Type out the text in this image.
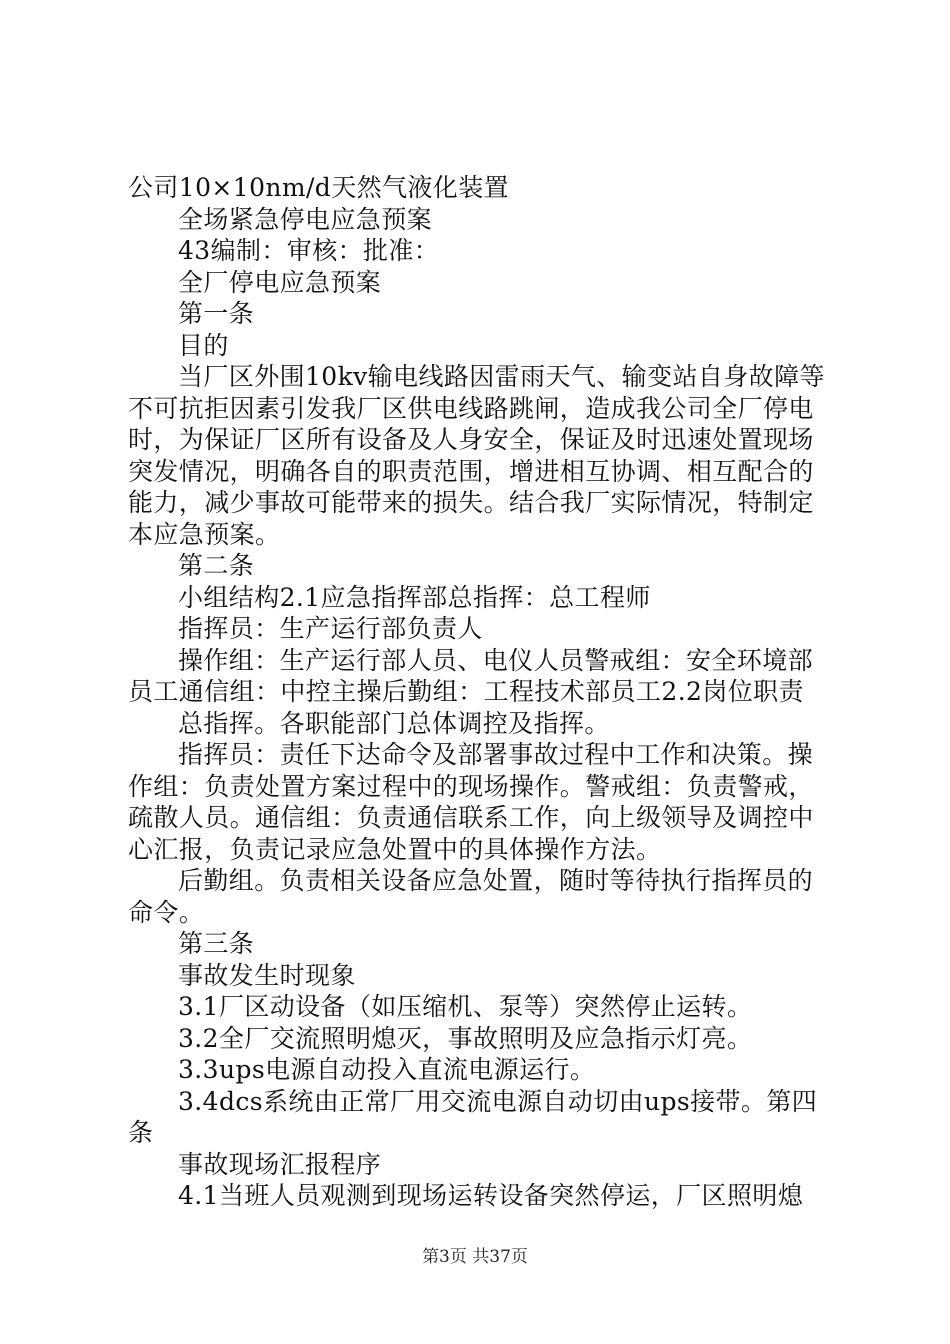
公司10×10nm/d天然气液化装置
全场紧急停电应急预案
43编制：审核：批准：
全厂停电应急预案
第一条
目的
当厂区外围10kv输电线路因雷雨天气、输变站自身故障等
不可抗拒因素引发我厂区供电线路跳闸，造成我公司全厂停电
时，为保证厂区所有设备及人身安全，保证及时迅速处置现场
突发情况，明确各自的职责范围，增进相互协调、相互配合的
能力，减少事故可能带来的损失。结合我厂实际情况，特制定
本应急预案。
第二条
小组结构2.1应急指挥部总指挥：总工程师
指挥员：生产运行部负责人
操作组：生产运行部人员、电仪人员警戒组：安全环境部
员工通信组：中控主操后勤组：工程技术部员工2.2岗位职责
总指挥。各职能部门总体调控及指挥。
指挥员：责任下达命令及部署事故过程中工作和决策。操
作组：负责处置方案过程中的现场操作。警戒组：负责警戒，
疏散人员。通信组：负责通信联系工作，向上级领导及调控中
心汇报，负责记录应急处置中的具体操作方法。
后勤组。负责相关设备应急处置，随时等待执行指挥员的
命令。
第三条
事故发生时现象
3.1厂区动设备（如压缩机、泵等）突然停止运转。
3.2全厂交流照明熄灭，事故照明及应急指示灯亮。
3.3ups电源自动投入直流电源运行。
3.4dcs系统由正常厂用交流电源自动切由ups接带。第四
条
事故现场汇报程序
4.1当班人员观测到现场运转设备突然停运，厂区照明熄
第3页 共37页
